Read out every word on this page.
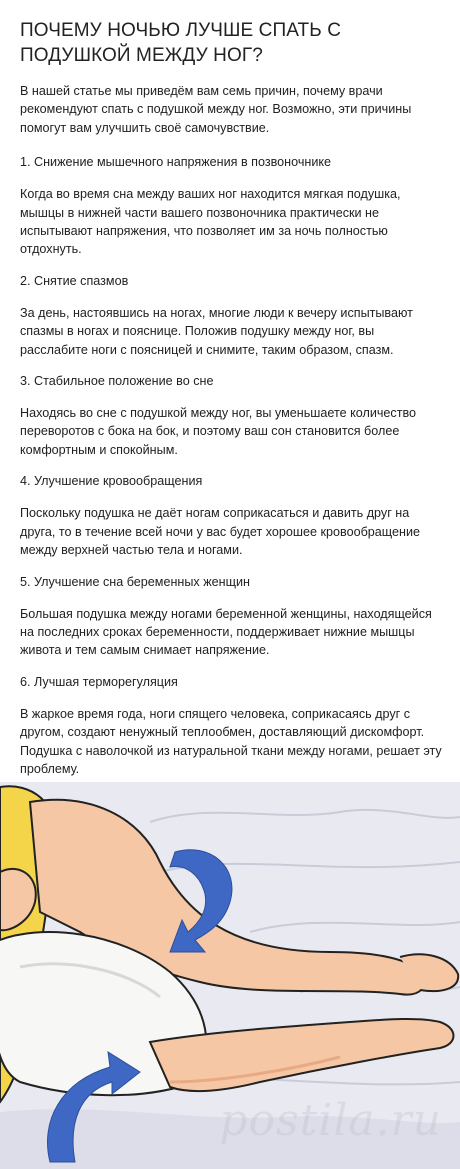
ПОЧЕМУ НОЧЬЮ ЛУЧШЕ СПАТЬ С ПОДУШКОЙ МЕЖДУ НОГ?

В нашей статье мы приведём вам семь причин, почему врачи рекомендуют спать с подушкой между ног. Возможно, эти причины помогут вам улучшить своё самочувствие.

1. Снижение мышечного напряжения в позвоночнике

Когда во время сна между ваших ног находится мягкая подушка, мышцы в нижней части вашего позвоночника практически не испытывают напряжения, что позволяет им за ночь полностью отдохнуть.

2. Снятие спазмов

За день, настоявшись на ногах, многие люди к вечеру испытывают спазмы в ногах и пояснице. Положив подушку между ног, вы расслабите ноги с поясницей и снимите, таким образом, спазм.

3. Стабильное положение во сне

Находясь во сне с подушкой между ног, вы уменьшаете количество переворотов с бока на бок, и поэтому ваш сон становится более комфортным и спокойным.

4. Улучшение кровообращения

Поскольку подушка не даёт ногам соприкасаться и давить друг на друга, то в течение всей ночи у вас будет хорошее кровообращение между верхней частью тела и ногами.

5. Улучшение сна беременных женщин

Большая подушка между ногами беременной женщины, находящейся на последних сроках беременности, поддерживает нижние мышцы живота и тем самым снимает напряжение.

6. Лучшая терморегуляция

В жаркое время года, ноги спящего человека, соприкасаясь друг с другом, создают ненужный теплообмен, доставляющий дискомфорт. Подушка с наволочкой из натуральной ткани между ногами, решает эту проблему.

postila.ru
